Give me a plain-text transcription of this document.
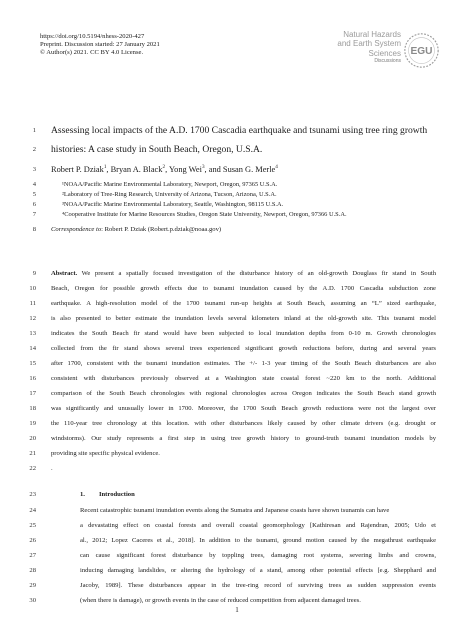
https://doi.org/10.5194/nhess-2020-427
Preprint. Discussion started: 27 January 2021
© Author(s) 2021. CC BY 4.0 License.
Natural Hazards
and Earth System
Sciences
Discussions
EGU
1 Assessing local impacts of the A.D. 1700 Cascadia earthquake and tsunami using tree ring growth
2 histories: A case study in South Beach, Oregon, U.S.A.
3 Robert P. Dziak$^1$, Bryan A. Black$^2$, Yong Wei$^3$, and Susan G. Merle$^4$
4	¹NOAA/Pacific Marine Environmental Laboratory, Newport, Oregon, 97365 U.S.A.
5	²Laboratory of Tree-Ring Research, University of Arizona, Tucson, Arizona, U.S.A.
6	³NOAA/Pacific Marine Environmental Laboratory, Seattle, Washington, 98115 U.S.A.
7	⁴Cooperative Institute for Marine Resources Studies, Oregon State University, Newport, Oregon, 97366 U.S.A.
8 Correspondence to: Robert P. Dziak (Robert.p.dziak@noaa.gov)
9 Abstract. We present a spatially focused investigation of the disturbance history of an old-growth Douglass fir stand in South
10 Beach, Oregon for possible growth effects due to tsunami inundation caused by the A.D. 1700 Cascadia subduction zone
11 earthquake. A high-resolution model of the 1700 tsunami run-up heights at South Beach, assuming an “L” sized earthquake,
12 is also presented to better estimate the inundation levels several kilometers inland at the old-growth site. This tsunami model
13 indicates the South Beach fir stand would have been subjected to local inundation depths from 0-10 m. Growth chronologies
14 collected from the fir stand shows several trees experienced significant growth reductions before, during and several years
15 after 1700, consistent with the tsunami inundation estimates. The +/- 1-3 year timing of the South Beach disturbances are also
16 consistent with disturbances previously observed at a Washington state coastal forest ~220 km to the north. Additional
17 comparison of the South Beach chronologies with regional chronologies across Oregon indicates the South Beach stand growth
18 was significantly and unusually lower in 1700. Moreover, the 1700 South Beach growth reductions were not the largest over
19 the 110-year tree chronology at this location. with other disturbances likely caused by other climate drivers (e.g. drought or
20 windstorms). Our study represents a first step in using tree growth history to ground-truth tsunami inundation models by
21 providing site specific physical evidence.
22 .
23	1. Introduction
24	Recent catastrophic tsunami inundation events along the Sumatra and Japanese coasts have shown tsunamis can have
25	a devastating effect on coastal forests and overall coastal geomorphology [Kathiresan and Rajendran, 2005; Udo et
26	al., 2012; Lopez Caceres et al., 2018]. In addition to the tsunami, ground motion caused by the megathrust earthquake
27	can cause significant forest disturbance by toppling trees, damaging root systems, severing limbs and crowns,
28	inducing damaging landslides, or altering the hydrology of a stand, among other potential effects [e.g. Shepphard and
29	Jacoby, 1989]. These disturbances appear in the tree-ring record of surviving trees as sudden suppression events
30	(when there is damage), or growth events in the case of reduced competition from adjacent damaged trees.
1
